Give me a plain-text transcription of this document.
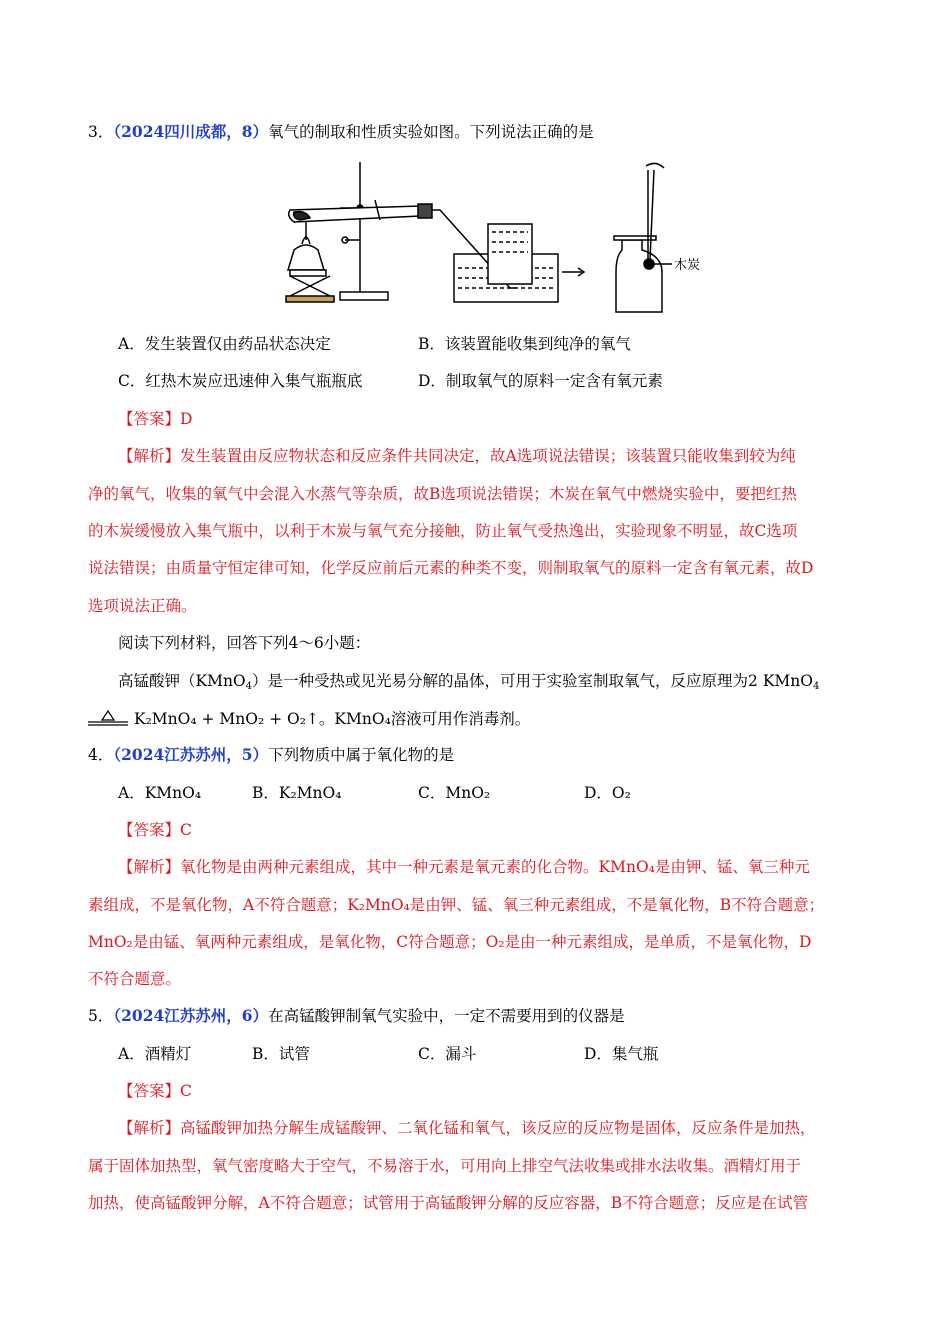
3．（2024四川成都，8）氧气的制取和性质实验如图。下列说法正确的是
木炭
A．发生装置仅由药品状态决定	B．该装置能收集到纯净的氧气
C．红热木炭应迅速伸入集气瓶瓶底	D．制取氧气的原料一定含有氧元素
【答案】D
【解析】发生装置由反应物状态和反应条件共同决定，故A选项说法错误；该装置只能收集到较为纯
净的氧气，收集的氧气中会混入水蒸气等杂质，故B选项说法错误；木炭在氧气中燃烧实验中，要把红热
的木炭缓慢放入集气瓶中，以利于木炭与氧气充分接触，防止氧气受热逸出，实验现象不明显，故C选项
说法错误；由质量守恒定律可知，化学反应前后元素的种类不变，则制取氧气的原料一定含有氧元素，故D
选项说法正确。
阅读下列材料，回答下列4～6小题：
高锰酸钾（KMnO$_4$）是一种受热或见光易分解的晶体，可用于实验室制取氧气，反应原理为2 KMnO$_4$
K₂MnO₄ + MnO₂ + O₂↑。KMnO₄溶液可用作消毒剂。
4．（2024江苏苏州，5）下列物质中属于氧化物的是
A．KMnO₄	B．K₂MnO₄	C．MnO₂	D．O₂
【答案】C
【解析】氧化物是由两种元素组成，其中一种元素是氧元素的化合物。KMnO₄是由钾、锰、氧三种元
素组成，不是氧化物，A不符合题意；K₂MnO₄是由钾、锰、氧三种元素组成，不是氧化物，B不符合题意；
MnO₂是由锰、氧两种元素组成，是氧化物，C符合题意；O₂是由一种元素组成，是单质，不是氧化物，D
不符合题意。
5．（2024江苏苏州，6）在高锰酸钾制氧气实验中，一定不需要用到的仪器是
A．酒精灯	B．试管	C．漏斗	D．集气瓶
【答案】C
【解析】高锰酸钾加热分解生成锰酸钾、二氧化锰和氧气，该反应的反应物是固体，反应条件是加热，
属于固体加热型，氧气密度略大于空气，不易溶于水，可用向上排空气法收集或排水法收集。酒精灯用于
加热，使高锰酸钾分解，A不符合题意；试管用于高锰酸钾分解的反应容器，B不符合题意；反应是在试管
